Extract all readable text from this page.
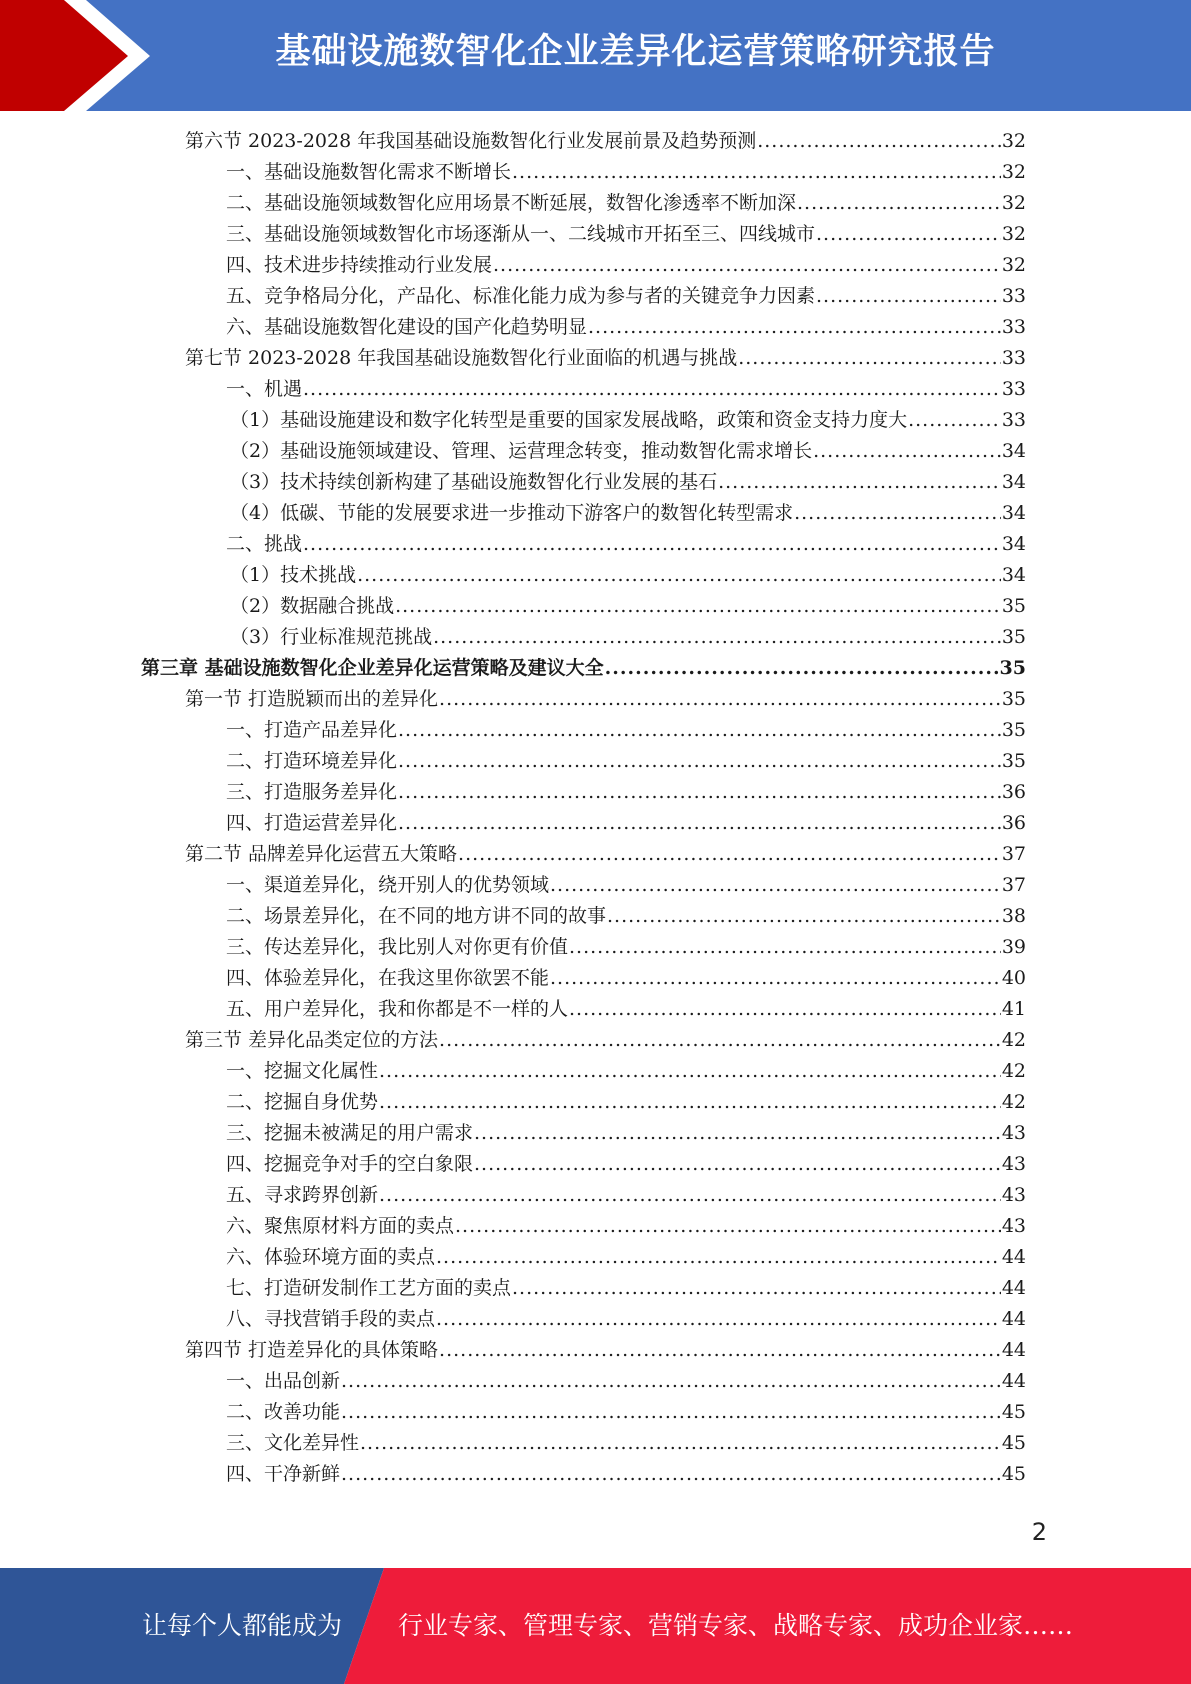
基础设施数智化企业差异化运营策略研究报告
第六节 2023-2028 年我国基础设施数智化行业发展前景及趋势预测 .....	32
一、基础设施数智化需求不断增长 .....	32
二、基础设施领域数智化应用场景不断延展，数智化渗透率不断加深 .....	32
三、基础设施领域数智化市场逐渐从一、二线城市开拓至三、四线城市 .....	32
四、技术进步持续推动行业发展 .....	32
五、竞争格局分化，产品化、标准化能力成为参与者的关键竞争力因素 .....	33
六、基础设施数智化建设的国产化趋势明显 .....	33
第七节 2023-2028 年我国基础设施数智化行业面临的机遇与挑战 .....	33
一、机遇 .....	33
（1）基础设施建设和数字化转型是重要的国家发展战略，政策和资金支持力度大 .....	33
（2）基础设施领域建设、管理、运营理念转变，推动数智化需求增长 .....	34
（3）技术持续创新构建了基础设施数智化行业发展的基石 .....	34
（4）低碳、节能的发展要求进一步推动下游客户的数智化转型需求 .....	34
二、挑战 .....	34
（1）技术挑战 .....	34
（2）数据融合挑战 .....	35
（3）行业标准规范挑战 .....	35
第三章 基础设施数智化企业差异化运营策略及建议大全 .....	35
第一节 打造脱颖而出的差异化 .....	35
一、打造产品差异化 .....	35
二、打造环境差异化 .....	35
三、打造服务差异化 .....	36
四、打造运营差异化 .....	36
第二节 品牌差异化运营五大策略 .....	37
一、渠道差异化，绕开别人的优势领域 .....	37
二、场景差异化，在不同的地方讲不同的故事 .....	38
三、传达差异化，我比别人对你更有价值 .....	39
四、体验差异化，在我这里你欲罢不能 .....	40
五、用户差异化，我和你都是不一样的人 .....	41
第三节 差异化品类定位的方法 .....	42
一、挖掘文化属性 .....	42
二、挖掘自身优势 .....	42
三、挖掘未被满足的用户需求 .....	43
四、挖掘竞争对手的空白象限 .....	43
五、寻求跨界创新 .....	43
六、聚焦原材料方面的卖点 .....	43
六、体验环境方面的卖点 .....	44
七、打造研发制作工艺方面的卖点 .....	44
八、寻找营销手段的卖点 .....	44
第四节 打造差异化的具体策略 .....	44
一、出品创新 .....	44
二、改善功能 .....	45
三、文化差异性 .....	45
四、干净新鲜 .....	45
2
让每个人都能成为 行业专家、管理专家、营销专家、战略专家、成功企业家……
